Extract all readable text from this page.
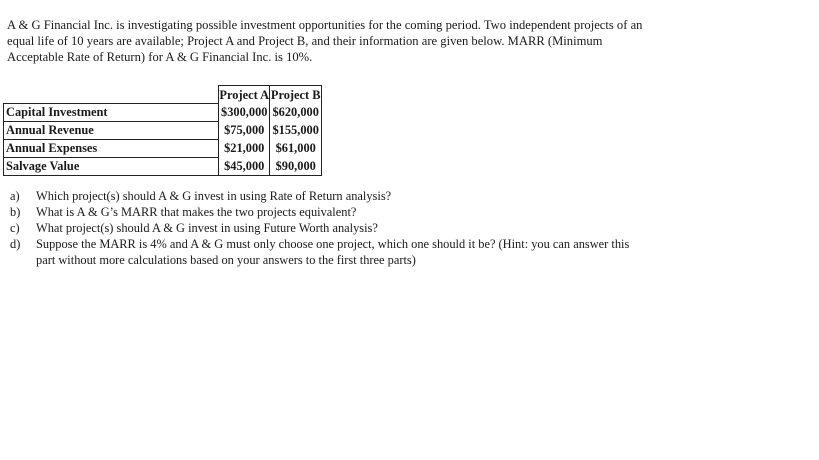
A & G Financial Inc. is investigating possible investment opportunities for the coming period. Two independent projects of an equal life of 10 years are available; Project A and Project B, and their information are given below. MARR (Minimum Acceptable Rate of Return) for A & G Financial Inc. is 10%.

	Project A	Project B
Capital Investment	$300,000	$620,000
Annual Revenue	$75,000	$155,000
Annual Expenses	$21,000	$61,000
Salvage Value	$45,000	$90,000
a) Which project(s) should A & G invest in using Rate of Return analysis?
b) What is A & G’s MARR that makes the two projects equivalent?
c) What project(s) should A & G invest in using Future Worth analysis?
d) Suppose the MARR is 4% and A & G must only choose one project, which one should it be? (Hint: you can answer this part without more calculations based on your answers to the first three parts)
